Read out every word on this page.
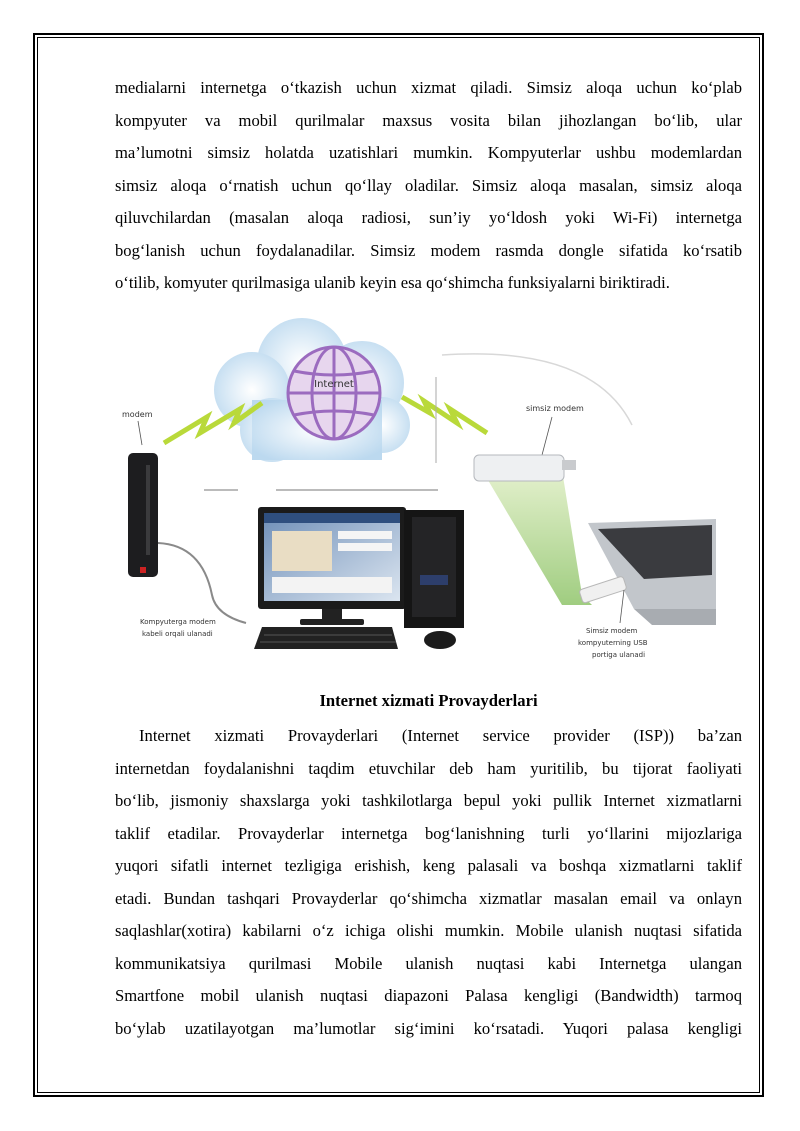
medialarni internetga o‘tkazish uchun xizmat qiladi. Simsiz aloqa uchun ko‘plab
kompyuter va mobil qurilmalar maxsus vosita bilan jihozlangan bo‘lib, ular
ma’lumotni simsiz holatda uzatishlari mumkin. Kompyuterlar ushbu modemlardan
simsiz aloqa o‘rnatish uchun qo‘llay oladilar. Simsiz aloqa masalan, simsiz aloqa
qiluvchilardan (masalan aloqa radiosi, sun’iy yo‘ldosh yoki Wi-Fi) internetga
bog‘lanish uchun foydalanadilar. Simsiz modem rasmda dongle sifatida ko‘rsatib
o‘tilib, komyuter qurilmasiga ulanib keyin esa qo‘shimcha funksiyalarni biriktiradi.
Internet
modem
simsiz modem
Kompyuterga modem
kabeli orqali ulanadi	Simsiz modem
kompyuterning USB
portiga ulanadi
Internet xizmati Provayderlari
Internet xizmati Provayderlari (Internet service provider (ISP)) ba’zan
internetdan foydalanishni taqdim etuvchilar deb ham yuritilib, bu tijorat faoliyati
bo‘lib, jismoniy shaxslarga yoki tashkilotlarga bepul yoki pullik Internet xizmatlarni
taklif etadilar. Provayderlar internetga bog‘lanishning turli yo‘llarini mijozlariga
yuqori sifatli internet tezligiga erishish, keng palasali va boshqa xizmatlarni taklif
etadi. Bundan tashqari Provayderlar qo‘shimcha xizmatlar masalan email va onlayn
saqlashlar(xotira) kabilarni o‘z ichiga olishi mumkin. Mobile ulanish nuqtasi sifatida
kommunikatsiya qurilmasi Mobile ulanish nuqtasi kabi Internetga ulangan
Smartfone mobil ulanish nuqtasi diapazoni Palasa kengligi (Bandwidth) tarmoq
bo‘ylab uzatilayotgan ma’lumotlar sig‘imini ko‘rsatadi. Yuqori palasa kengligi
